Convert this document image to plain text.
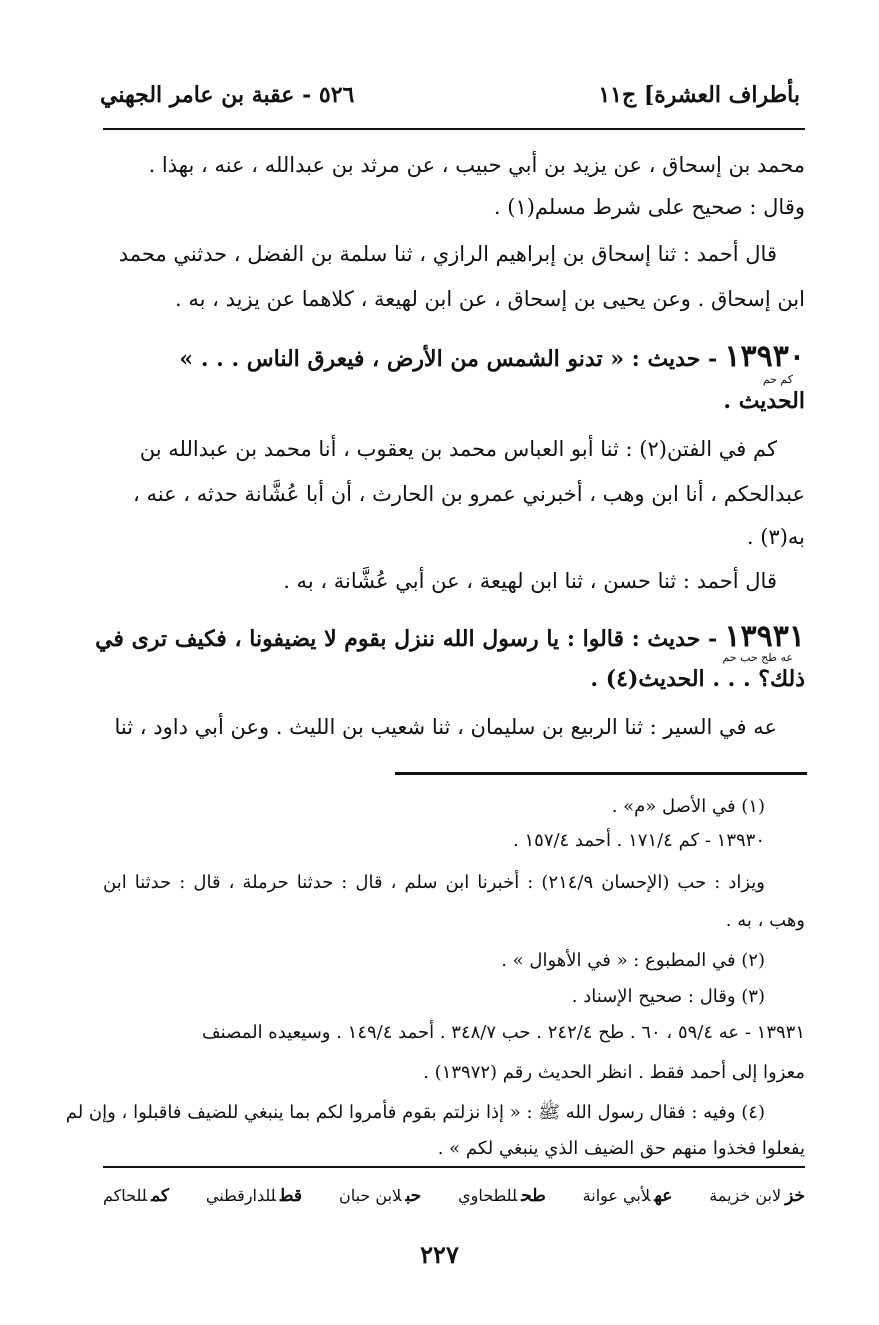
بأطراف العشرة] ج١١
٥٢٦ - عقبة بن عامر الجهني
محمد بن إسحاق ، عن يزيد بن أبي حبيب ، عن مرثد بن عبدالله ، عنه ، بهذا .
وقال : صحيح على شرط مسلم(١) .
قال أحمد : ثنا إسحاق بن إبراهيم الرازي ، ثنا سلمة بن الفضل ، حدثني محمد
ابن إسحاق . وعن يحيى بن إسحاق ، عن ابن لهيعة ، كلاهما عن يزيد ، به .
١٣٩٣٠ - حديث : « تدنو الشمس من الأرض ، فيعرق الناس . . . »
كم حم
الحديث .
كم في الفتن(٢) : ثنا أبو العباس محمد بن يعقوب ، أنا محمد بن عبدالله بن
عبدالحكم ، أنا ابن وهب ، أخبرني عمرو بن الحارث ، أن أبا عُشَّانة حدثه ، عنه ،
به(٣) .
قال أحمد : ثنا حسن ، ثنا ابن لهيعة ، عن أبي عُشَّانة ، به .
١٣٩٣١ - حديث : قالوا : يا رسول الله ننزل بقوم لا يضيفونا ، فكيف ترى في
عه طح حب حم
ذلك؟ . . . الحديث(٤) .
عه في السير : ثنا الربيع بن سليمان ، ثنا شعيب بن الليث . وعن أبي داود ، ثنا
(١) في الأصل «م» .
١٣٩٣٠ - كم ١٧١/٤ . أحمد ١٥٧/٤ .
ويزاد : حب (الإحسان ٢١٤/٩) : أخبرنا ابن سلم ، قال : حدثنا حرملة ، قال : حدثنا ابن
وهب ، به .
(٢) في المطبوع : « في الأهوال » .
(٣) وقال : صحيح الإسناد .
١٣٩٣١ - عه ٥٩/٤ ، ٦٠ . طح ٢٤٢/٤ . حب ٣٤٨/٧ . أحمد ١٤٩/٤ . وسيعيده المصنف
معزوا إلى أحمد فقط . انظر الحديث رقم (١٣٩٧٢) .
(٤) وفيه : فقال رسول الله ﷺ : « إذا نزلتم بقوم فأمروا لكم بما ينبغي للضيف فاقبلوا ، وإن لم
يفعلوا فخذوا منهم حق الضيف الذي ينبغي لكم » .
خزلابن خزيمة
عهلأبي عوانة
طحللطحاوي
حبلابن حبان
قطللدارقطني
كمللحاكم
٢٢٧
